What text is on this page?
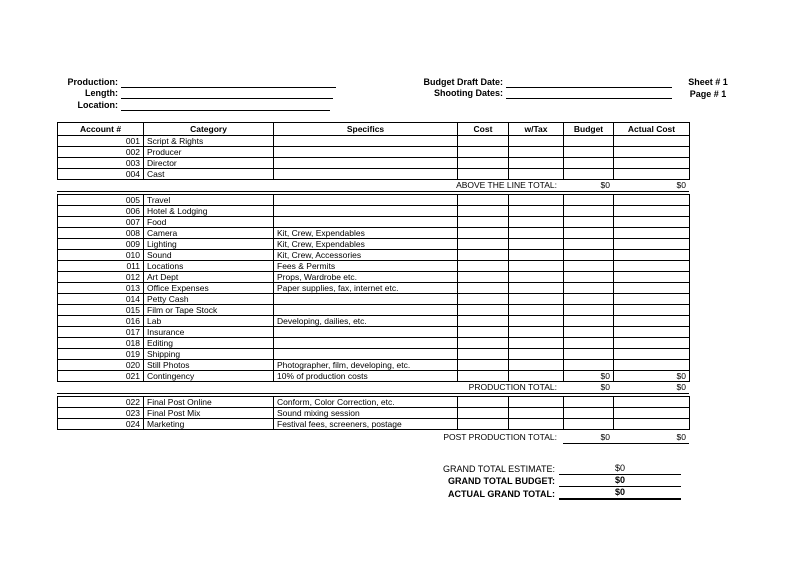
Production:
Length:
Location:
Budget Draft Date:
Shooting Dates:
Sheet # 1
Page # 1
Account #	Category	Specifics	Cost	w/Tax	Budget	Actual Cost
001	Script & Rights					
002	Producer					
003	Director					
004	Cast					
ABOVE THE LINE TOTAL:	$0	$0
005	Travel					
006	Hotel & Lodging					
007	Food					
008	Camera	Kit, Crew, Expendables				
009	Lighting	Kit, Crew, Expendables				
010	Sound	Kit, Crew, Accessories				
011	Locations	Fees & Permits				
012	Art Dept	Props, Wardrobe etc.				
013	Office Expenses	Paper supplies, fax, internet etc.				
014	Petty Cash					
015	Film or Tape Stock					
016	Lab	Developing, dailies, etc.				
017	Insurance					
018	Editing					
019	Shipping					
020	Still Photos	Photographer, film, developing, etc.				
021	Contingency	10% of production costs			$0	$0
PRODUCTION TOTAL:	$0	$0
022	Final Post Online	Conform, Color Correction, etc.				
023	Final Post Mix	Sound mixing session				
024	Marketing	Festival fees, screeners, postage				
POST PRODUCTION TOTAL:	$0	$0
GRAND TOTAL ESTIMATE:	$0
GRAND TOTAL BUDGET:	$0
ACTUAL GRAND TOTAL:	$0
